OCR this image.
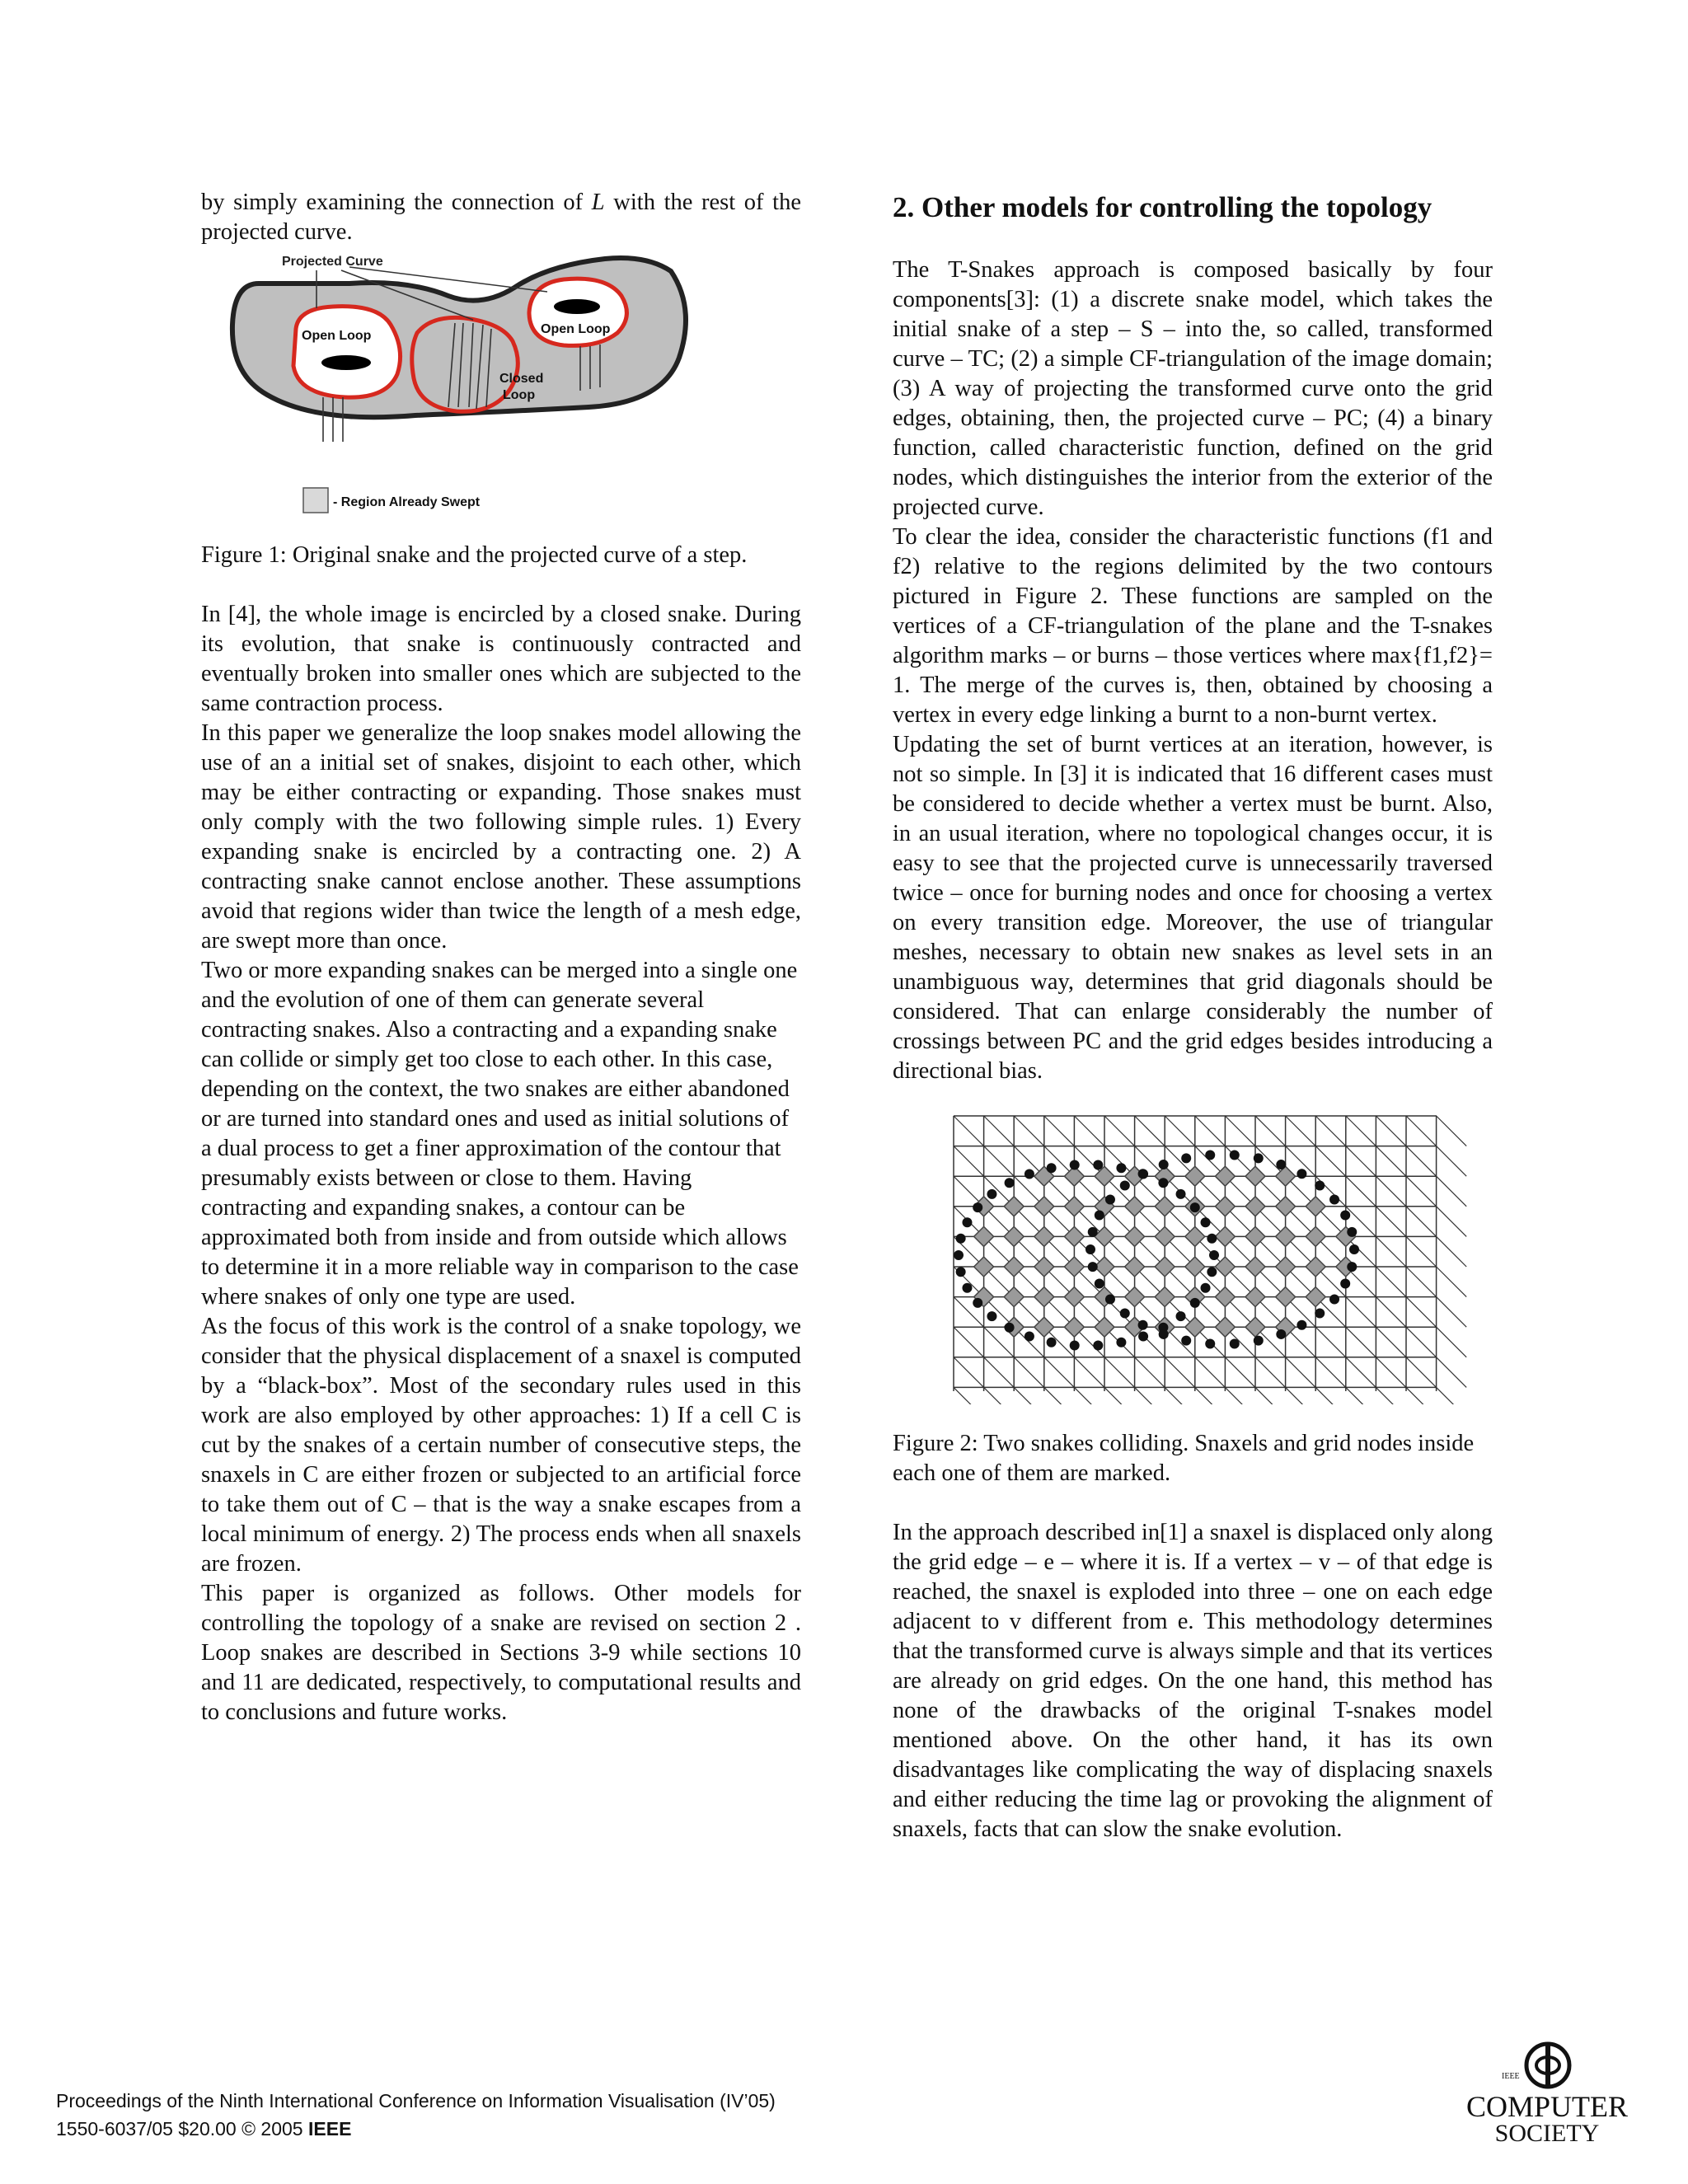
by simply examining the connection of L with the rest of the projected curve.

Projected Curve
Open Loop	Open Loop
Closed
Loop
- Region Already Swept

Figure 1: Original snake and the projected curve of a step.

In [4], the whole image is encircled by a closed snake. During its evolution, that snake is continuously contracted and eventually broken into smaller ones which are subjected to the same contraction process.

In this paper we generalize the loop snakes model allowing the use of an a initial set of snakes, disjoint to each other, which may be either contracting or expanding. Those snakes must only comply with the two following simple rules. 1) Every expanding snake is encircled by a contracting one. 2) A contracting snake cannot enclose another. These assumptions avoid that regions wider than twice the length of a mesh edge, are swept more than once.

Two or more expanding snakes can be merged into a single one and the evolution of one of them can generate several contracting snakes. Also a contracting and a expanding snake can collide or simply get too close to each other. In this case, depending on the context, the two snakes are either abandoned or are turned into standard ones and used as initial solutions of a dual process to get a finer approximation of the contour that presumably exists between or close to them. Having contracting and expanding snakes, a contour can be approximated both from inside and from outside which allows to determine it in a more reliable way in comparison to the case where snakes of only one type are used.

As the focus of this work is the control of a snake topology, we consider that the physical displacement of a snaxel is computed by a “black-box”. Most of the secondary rules used in this work are also employed by other approaches: 1) If a cell C is cut by the snakes of a certain number of consecutive steps, the snaxels in C are either frozen or subjected to an artificial force to take them out of C – that is the way a snake escapes from a local minimum of energy. 2) The process ends when all snaxels are frozen.

This paper is organized as follows. Other models for controlling the topology of a snake are revised on section 2 . Loop snakes are described in Sections 3-9 while sections 10 and 11 are dedicated, respectively, to computational results and to conclusions and future works.

2. Other models for controlling the topology

The T-Snakes approach is composed basically by four components[3]: (1) a discrete snake model, which takes the initial snake of a step – S – into the, so called, transformed curve – TC; (2) a simple CF-triangulation of the image domain; (3) A way of projecting the transformed curve onto the grid edges, obtaining, then, the projected curve – PC; (4) a binary function, called characteristic function, defined on the grid nodes, which distinguishes the interior from the exterior of the projected curve.

To clear the idea, consider the characteristic functions (f1 and f2) relative to the regions delimited by the two contours pictured in Figure 2. These functions are sampled on the vertices of a CF-triangulation of the plane and the T-snakes algorithm marks – or burns – those vertices where max{f1,f2}= 1. The merge of the curves is, then, obtained by choosing a vertex in every edge linking a burnt to a non-burnt vertex.

Updating the set of burnt vertices at an iteration, however, is not so simple. In [3] it is indicated that 16 different cases must be considered to decide whether a vertex must be burnt. Also, in an usual iteration, where no topological changes occur, it is easy to see that the projected curve is unnecessarily traversed twice – once for burning nodes and once for choosing a vertex on every transition edge. Moreover, the use of triangular meshes, necessary to obtain new snakes as level sets in an unambiguous way, determines that grid diagonals should be considered. That can enlarge considerably the number of crossings between PC and the grid edges besides introducing a directional bias.

Figure 2: Two snakes colliding. Snaxels and grid nodes inside each one of them are marked.

In the approach described in[1] a snaxel is displaced only along the grid edge – e – where it is. If a vertex – v – of that edge is reached, the snaxel is exploded into three – one on each edge adjacent to v different from e. This methodology determines that the transformed curve is always simple and that its vertices are already on grid edges. On the one hand, this method has none of the drawbacks of the original T-snakes model mentioned above. On the other hand, it has its own disadvantages like complicating the way of displacing snaxels and either reducing the time lag or provoking the alignment of snaxels, facts that can slow the snake evolution.

Proceedings of the Ninth International Conference on Information Visualisation (IV’05)
1550-6037/05 $20.00 © 2005 IEEE
IEEE
COMPUTER
SOCIETY
